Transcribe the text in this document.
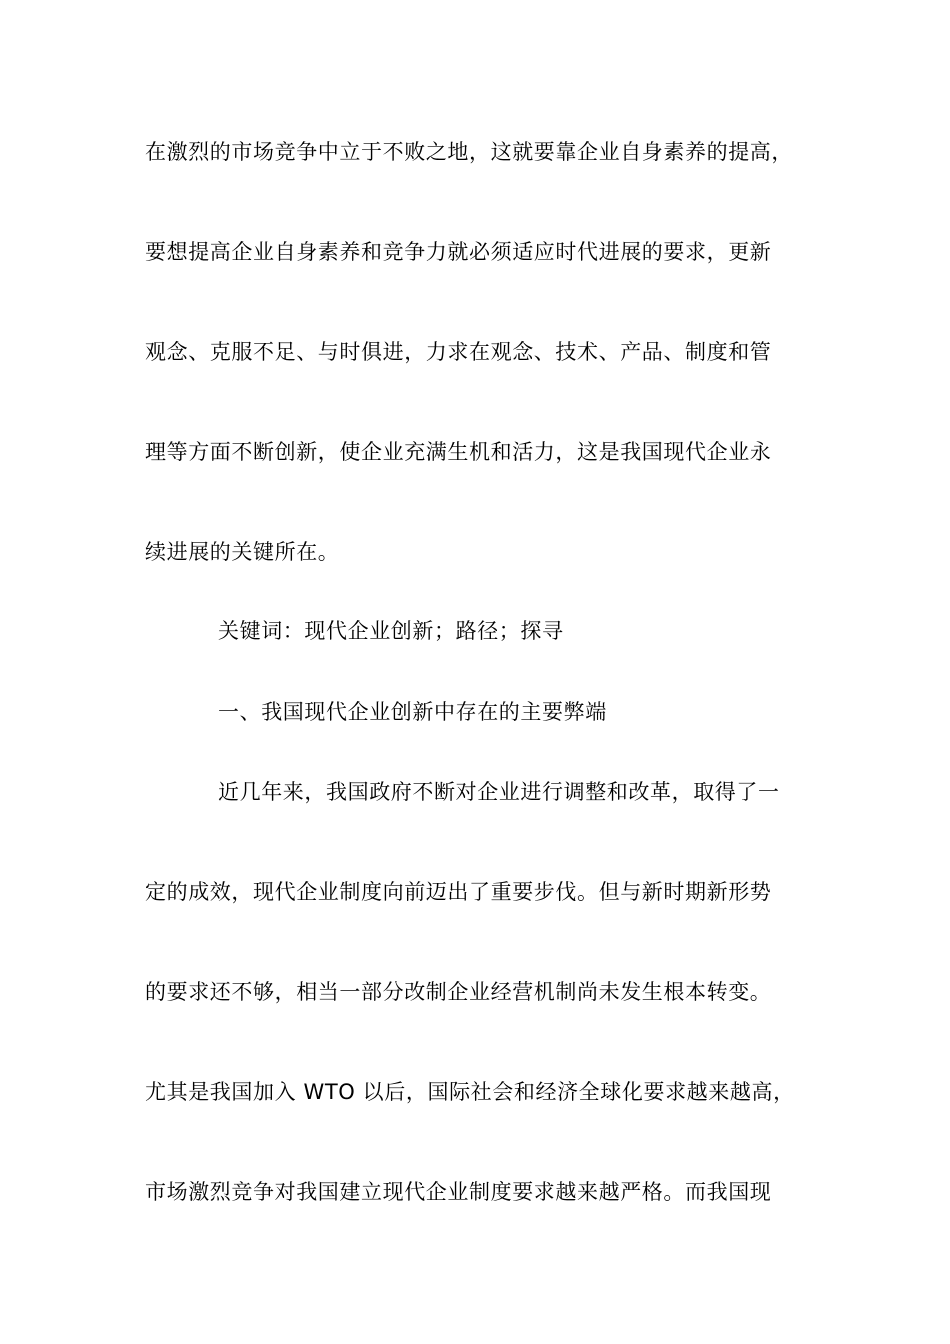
在激烈的市场竞争中立于不败之地，这就要靠企业自身素养的提高，
要想提高企业自身素养和竞争力就必须适应时代进展的要求，更新
观念、克服不足、与时俱进，力求在观念、技术、产品、制度和管
理等方面不断创新，使企业充满生机和活力，这是我国现代企业永
续进展的关键所在。
关键词：现代企业创新；路径；探寻
一、我国现代企业创新中存在的主要弊端
近几年来，我国政府不断对企业进行调整和改革，取得了一
定的成效，现代企业制度向前迈出了重要步伐。但与新时期新形势
的要求还不够，相当一部分改制企业经营机制尚未发生根本转变。
尤其是我国加入 WTO 以后，国际社会和经济全球化要求越来越高，
市场激烈竞争对我国建立现代企业制度要求越来越严格。而我国现
